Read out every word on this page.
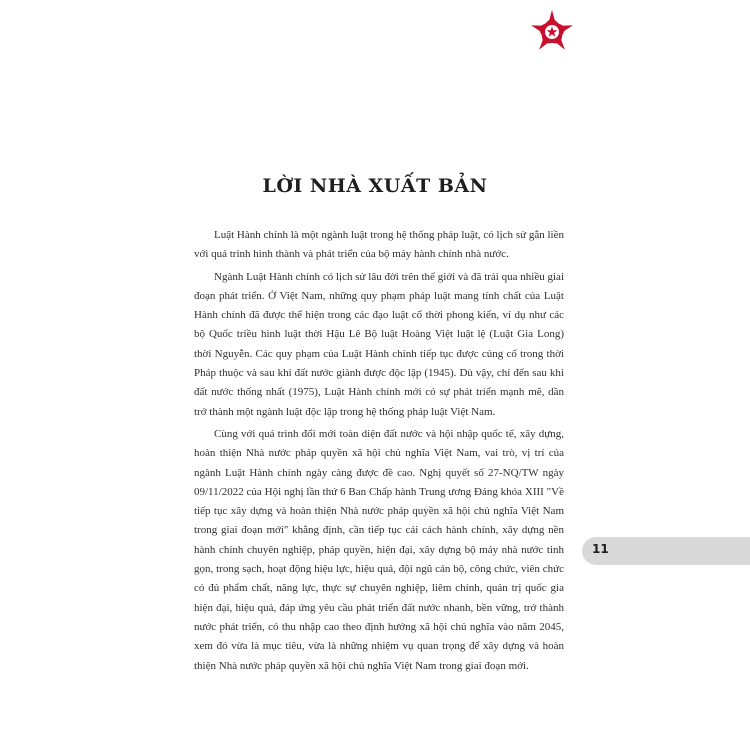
LỜI NHÀ XUẤT BẢN

Luật Hành chính là một ngành luật trong hệ thống pháp luật, có lịch sử gắn liền với quá trình hình thành và phát triển của bộ máy hành chính nhà nước.

Ngành Luật Hành chính có lịch sử lâu đời trên thế giới và đã trải qua nhiều giai đoạn phát triển. Ở Việt Nam, những quy phạm pháp luật mang tính chất của Luật Hành chính đã được thể hiện trong các đạo luật cổ thời phong kiến, ví dụ như các bộ Quốc triều hình luật thời Hậu Lê Bộ luật Hoàng Việt luật lệ (Luật Gia Long) thời Nguyễn. Các quy phạm của Luật Hành chính tiếp tục được củng cố trong thời Pháp thuộc và sau khi đất nước giành được độc lập (1945). Dù vậy, chỉ đến sau khi đất nước thống nhất (1975), Luật Hành chính mới có sự phát triển mạnh mẽ, dần trở thành một ngành luật độc lập trong hệ thống pháp luật Việt Nam.

Cùng với quá trình đổi mới toàn diện đất nước và hội nhập quốc tế, xây dựng, hoàn thiện Nhà nước pháp quyền xã hội chủ nghĩa Việt Nam, vai trò, vị trí của ngành Luật Hành chính ngày càng được đề cao. Nghị quyết số 27-NQ/TW ngày 09/11/2022 của Hội nghị lần thứ 6 Ban Chấp hành Trung ương Đảng khóa XIII "Về tiếp tục xây dựng và hoàn thiện Nhà nước pháp quyền xã hội chủ nghĩa Việt Nam trong giai đoạn mới" khẳng định, cần tiếp tục cải cách hành chính, xây dựng nền hành chính chuyên nghiệp, pháp quyền, hiện đại, xây dựng bộ máy nhà nước tinh gọn, trong sạch, hoạt động hiệu lực, hiệu quả, đội ngũ cán bộ, công chức, viên chức có đủ phẩm chất, năng lực, thực sự chuyên nghiệp, liêm chính, quản trị quốc gia hiện đại, hiệu quả, đáp ứng yêu cầu phát triển đất nước nhanh, bền vững, trở thành nước phát triển, có thu nhập cao theo định hướng xã hội chủ nghĩa vào năm 2045, xem đó vừa là mục tiêu, vừa là những nhiệm vụ quan trọng để xây dựng và hoàn thiện Nhà nước pháp quyền xã hội chủ nghĩa Việt Nam trong giai đoạn mới.

11
